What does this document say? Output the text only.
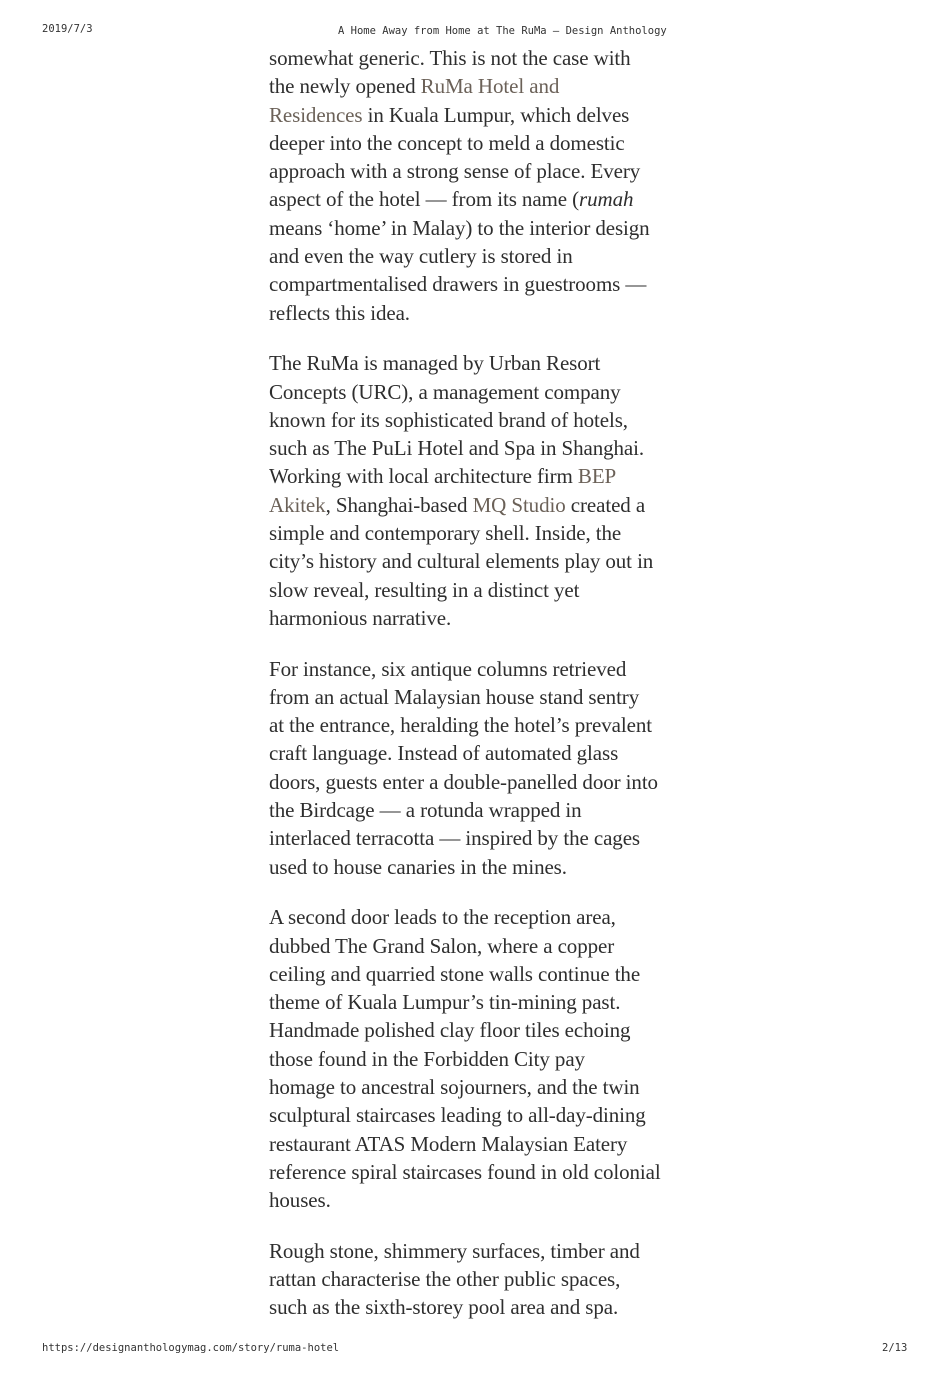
2019/7/3	A Home Away from Home at The RuMa — Design Anthology

somewhat generic. This is not the case with
the newly opened RuMa Hotel and
Residences in Kuala Lumpur, which delves
deeper into the concept to meld a domestic
approach with a strong sense of place. Every
aspect of the hotel — from its name (rumah
means ‘home’ in Malay) to the interior design
and even the way cutlery is stored in
compartmentalised drawers in guestrooms —
reflects this idea.

The RuMa is managed by Urban Resort
Concepts (URC), a management company
known for its sophisticated brand of hotels,
such as The PuLi Hotel and Spa in Shanghai.
Working with local architecture firm BEP
Akitek, Shanghai-based MQ Studio created a
simple and contemporary shell. Inside, the
city’s history and cultural elements play out in
slow reveal, resulting in a distinct yet
harmonious narrative.

For instance, six antique columns retrieved
from an actual Malaysian house stand sentry
at the entrance, heralding the hotel’s prevalent
craft language. Instead of automated glass
doors, guests enter a double-panelled door into
the Birdcage — a rotunda wrapped in
interlaced terracotta — inspired by the cages
used to house canaries in the mines.

A second door leads to the reception area,
dubbed The Grand Salon, where a copper
ceiling and quarried stone walls continue the
theme of Kuala Lumpur’s tin-mining past.
Handmade polished clay floor tiles echoing
those found in the Forbidden City pay
homage to ancestral sojourners, and the twin
sculptural staircases leading to all-day-dining
restaurant ATAS Modern Malaysian Eatery
reference spiral staircases found in old colonial
houses.

Rough stone, shimmery surfaces, timber and
rattan characterise the other public spaces,
such as the sixth-storey pool area and spa.

https://designanthologymag.com/story/ruma-hotel	2/13
